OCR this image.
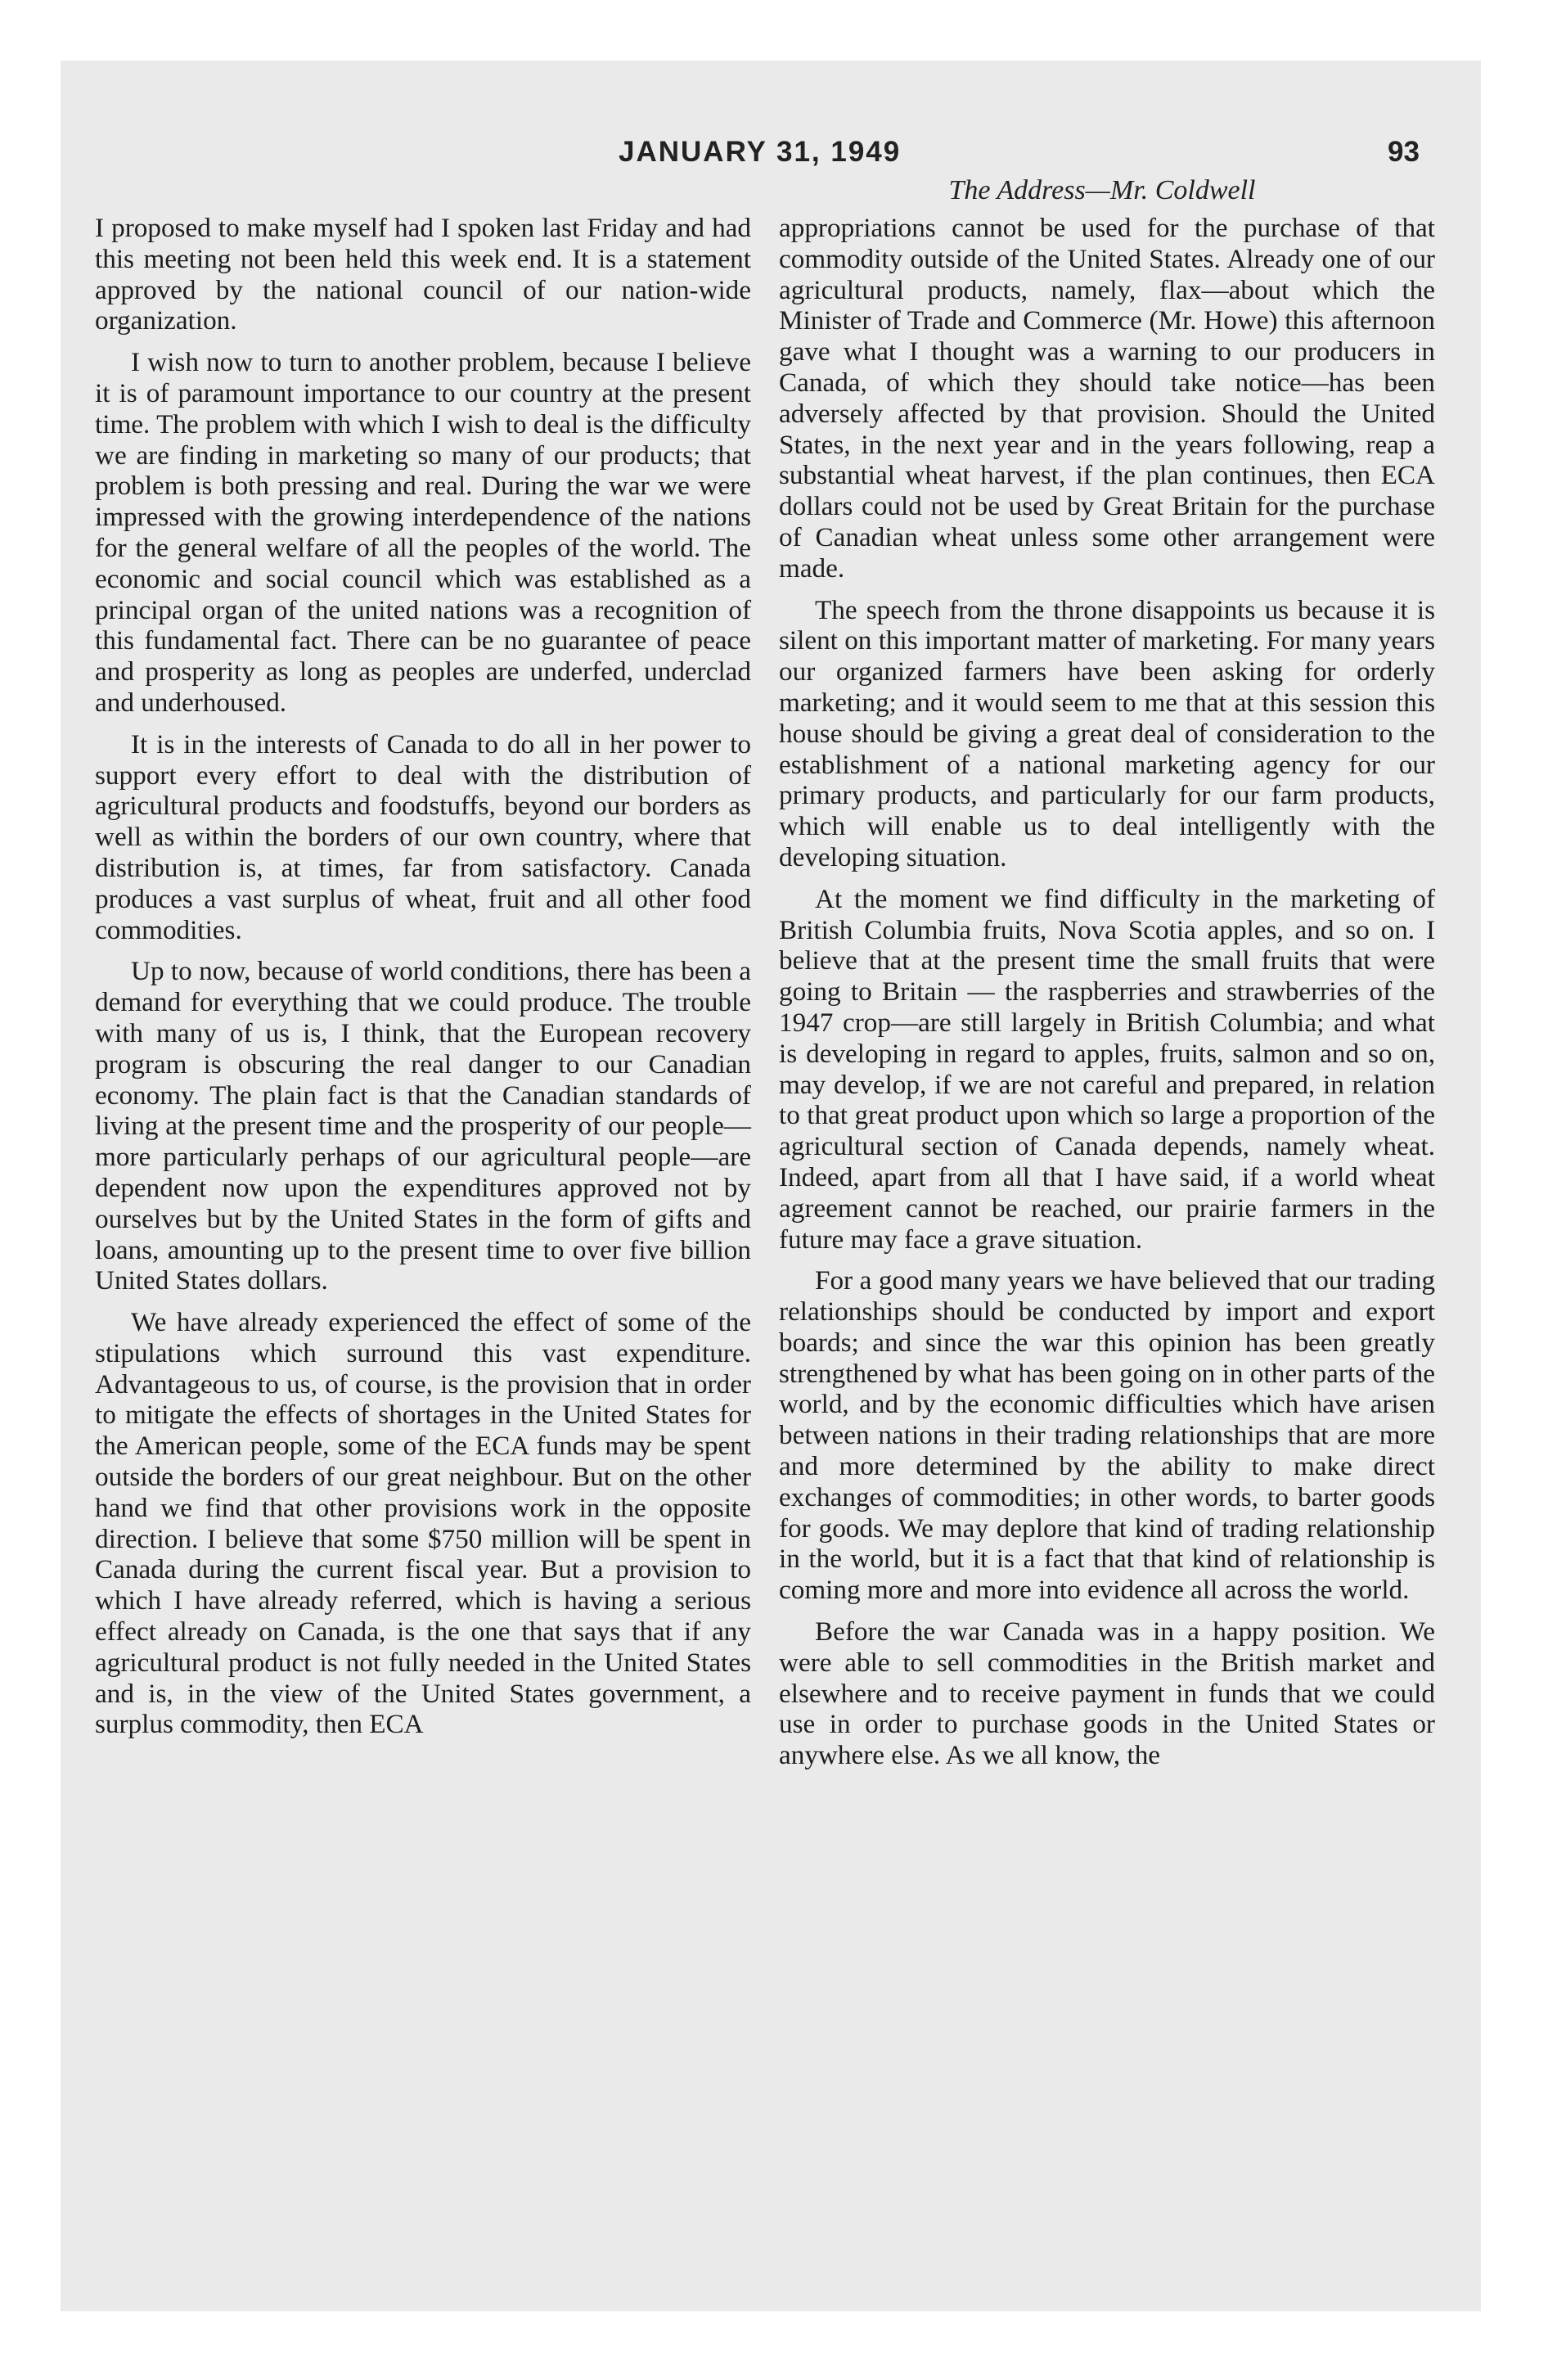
JANUARY 31, 1949	93
The Address—Mr. Coldwell

I proposed to make myself had I spoken last Friday and had this meeting not been held this week end. It is a statement approved by the national council of our nation-wide organization.

I wish now to turn to another problem, because I believe it is of paramount importance to our country at the present time. The problem with which I wish to deal is the difficulty we are finding in marketing so many of our products; that problem is both pressing and real. During the war we were impressed with the growing interdependence of the nations for the general welfare of all the peoples of the world. The economic and social council which was established as a principal organ of the united nations was a recognition of this fundamental fact. There can be no guarantee of peace and prosperity as long as peoples are underfed, underclad and underhoused.

It is in the interests of Canada to do all in her power to support every effort to deal with the distribution of agricultural products and foodstuffs, beyond our borders as well as within the borders of our own country, where that distribution is, at times, far from satisfactory. Canada produces a vast surplus of wheat, fruit and all other food commodities.

Up to now, because of world conditions, there has been a demand for everything that we could produce. The trouble with many of us is, I think, that the European recovery program is obscuring the real danger to our Canadian economy. The plain fact is that the Canadian standards of living at the present time and the prosperity of our people—more particularly perhaps of our agricultural people—are dependent now upon the expenditures approved not by ourselves but by the United States in the form of gifts and loans, amounting up to the present time to over five billion United States dollars.

We have already experienced the effect of some of the stipulations which surround this vast expenditure. Advantageous to us, of course, is the provision that in order to mitigate the effects of shortages in the United States for the American people, some of the ECA funds may be spent outside the borders of our great neighbour. But on the other hand we find that other provisions work in the opposite direction. I believe that some $750 million will be spent in Canada during the current fiscal year. But a provision to which I have already referred, which is having a serious effect already on Canada, is the one that says that if any agricultural product is not fully needed in the United States and is, in the view of the United States government, a surplus commodity, then ECA

appropriations cannot be used for the purchase of that commodity outside of the United States. Already one of our agricultural products, namely, flax—about which the Minister of Trade and Commerce (Mr. Howe) this afternoon gave what I thought was a warning to our producers in Canada, of which they should take notice—has been adversely affected by that provision. Should the United States, in the next year and in the years following, reap a substantial wheat harvest, if the plan continues, then ECA dollars could not be used by Great Britain for the purchase of Canadian wheat unless some other arrangement were made.

The speech from the throne disappoints us because it is silent on this important matter of marketing. For many years our organized farmers have been asking for orderly marketing; and it would seem to me that at this session this house should be giving a great deal of consideration to the establishment of a national marketing agency for our primary products, and particularly for our farm products, which will enable us to deal intelligently with the developing situation.

At the moment we find difficulty in the marketing of British Columbia fruits, Nova Scotia apples, and so on. I believe that at the present time the small fruits that were going to Britain — the raspberries and strawberries of the 1947 crop—are still largely in British Columbia; and what is developing in regard to apples, fruits, salmon and so on, may develop, if we are not careful and prepared, in relation to that great product upon which so large a proportion of the agricultural section of Canada depends, namely wheat. Indeed, apart from all that I have said, if a world wheat agreement cannot be reached, our prairie farmers in the future may face a grave situation.

For a good many years we have believed that our trading relationships should be conducted by import and export boards; and since the war this opinion has been greatly strengthened by what has been going on in other parts of the world, and by the economic difficulties which have arisen between nations in their trading relationships that are more and more determined by the ability to make direct exchanges of commodities; in other words, to barter goods for goods. We may deplore that kind of trading relationship in the world, but it is a fact that that kind of relationship is coming more and more into evidence all across the world.

Before the war Canada was in a happy position. We were able to sell commodities in the British market and elsewhere and to receive payment in funds that we could use in order to purchase goods in the United States or anywhere else. As we all know, the
